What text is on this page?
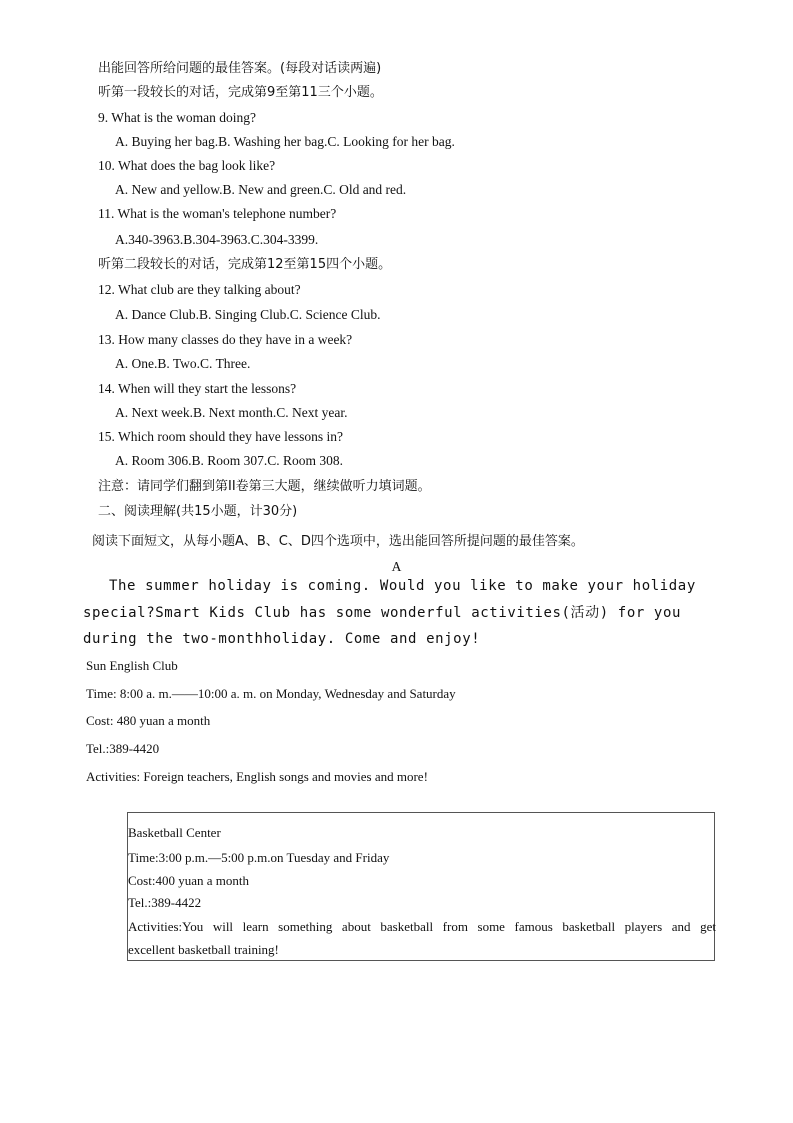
出能回答所给问题的最佳答案。(每段对话读两遍)
听第一段较长的对话，完成第9至第11三个小题。
9. What is the woman doing?
A. Buying her bag.B. Washing her bag.C. Looking for her bag.
10. What does the bag look like?
A. New and yellow.B. New and green.C. Old and red.
11. What is the woman's telephone number?
A.340-3963.B.304-3963.C.304-3399.
听第二段较长的对话，完成第12至第15四个小题。
12. What club are they talking about?
A. Dance Club.B. Singing Club.C. Science Club.
13. How many classes do they have in a week?
A. One.B. Two.C. Three.
14. When will they start the lessons?
A. Next week.B. Next month.C. Next year.
15. Which room should they have lessons in?
A. Room 306.B. Room 307.C. Room 308.
注意：请同学们翻到第II卷第三大题，继续做听力填词题。
二、阅读理解(共15小题，计30分)
阅读下面短文，从每小题A、B、C、D四个选项中，选出能回答所提问题的最佳答案。
A
The summer holiday is coming. Would you like to make your holiday
special?Smart Kids Club has some wonderful activities(活动) for you
during the two-monthholiday. Come and enjoy!
Sun English Club
Time: 8:00 a. m.——10:00 a. m. on Monday, Wednesday and Saturday
Cost: 480 yuan a month
Tel.:389-4420
Activities: Foreign teachers, English songs and movies and more!
Basketball Center
Time:3:00 p.m.—5:00 p.m.on Tuesday and Friday
Cost:400 yuan a month
Tel.:389-4422
Activities:You will learn something about basketball from some famous basketball players and get
excellent basketball training!
